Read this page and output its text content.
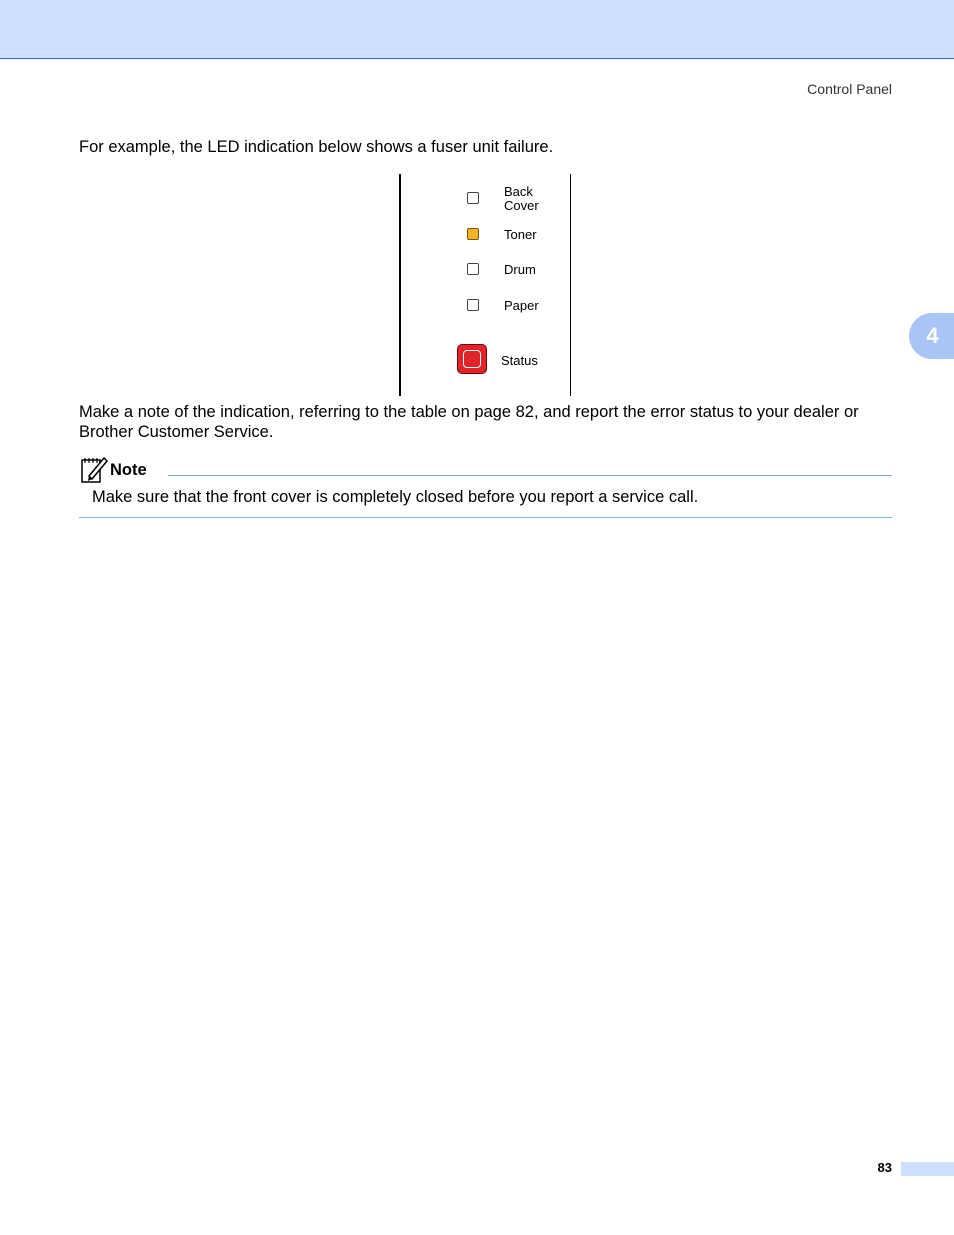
Control Panel
4

For example, the LED indication below shows a fuser unit failure.

Back
Cover
Toner
Drum
Paper
Status

Make a note of the indication, referring to the table on page 82, and report the error status to your dealer or Brother Customer Service.

Note
Make sure that the front cover is completely closed before you report a service call.
83
